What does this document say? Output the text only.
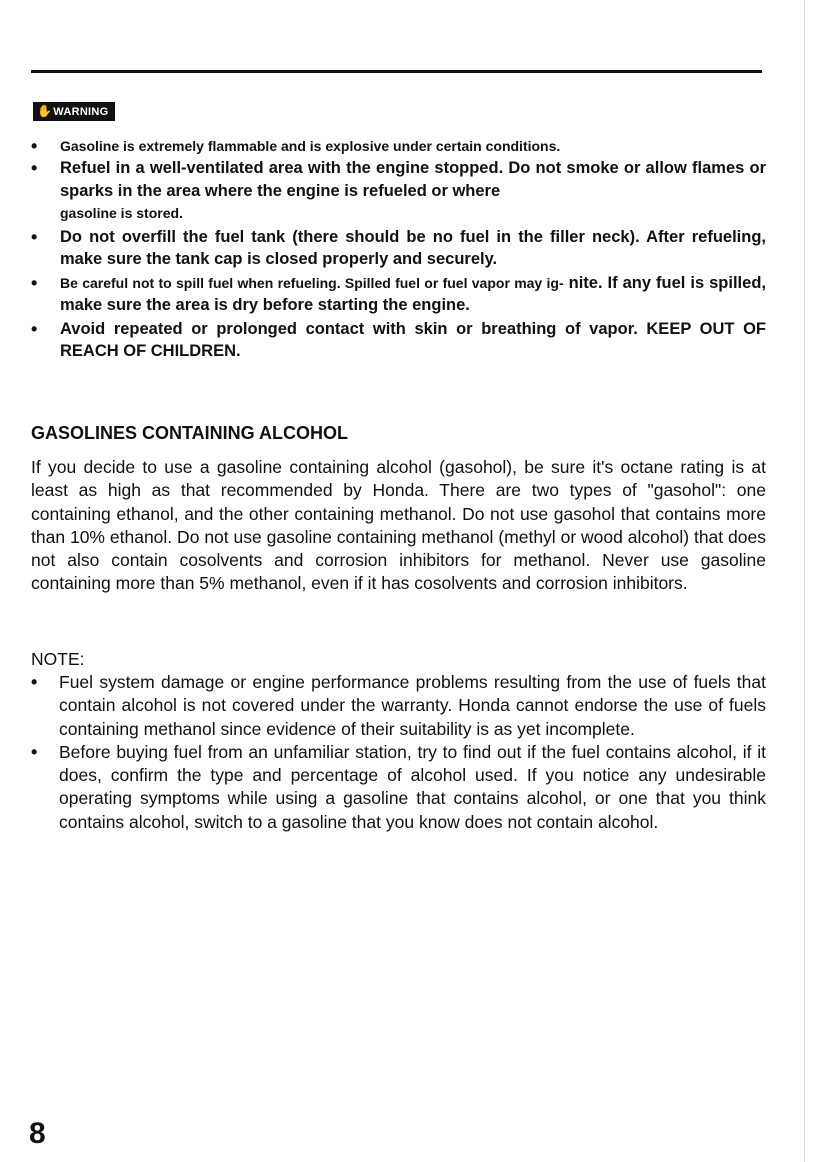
✋WARNING
• Gasoline is extremely flammable and is explosive under certain conditions.
• Refuel in a well-ventilated area with the engine stopped. Do not smoke or allow flames or sparks in the area where the engine is refueled or where
gasoline is stored.
• Do not overfill the fuel tank (there should be no fuel in the filler neck). After refueling, make sure the tank cap is closed properly and securely.
• Be careful not to spill fuel when refueling. Spilled fuel or fuel vapor may ig- nite. If any fuel is spilled, make sure the area is dry before starting the engine.
• Avoid repeated or prolonged contact with skin or breathing of vapor. KEEP OUT OF REACH OF CHILDREN.
GASOLINES CONTAINING ALCOHOL

If you decide to use a gasoline containing alcohol (gasohol), be sure it's octane rating is at least as high as that recommended by Honda. There are two types of "gasohol": one containing ethanol, and the other containing methanol. Do not use gasohol that contains more than 10% ethanol. Do not use gasoline containing methanol (methyl or wood alcohol) that does not also contain cosolvents and corrosion inhibitors for methanol. Never use gasoline containing more than 5% methanol, even if it has cosolvents and corrosion inhibitors.

NOTE:
• Fuel system damage or engine performance problems resulting from the use of fuels that contain alcohol is not covered under the warranty. Honda cannot endorse the use of fuels containing methanol since evidence of their suitability is as yet incomplete.
• Before buying fuel from an unfamiliar station, try to find out if the fuel contains alcohol, if it does, confirm the type and percentage of alcohol used. If you notice any undesirable operating symptoms while using a gasoline that contains alcohol, or one that you think contains alcohol, switch to a gasoline that you know does not contain alcohol.
8
